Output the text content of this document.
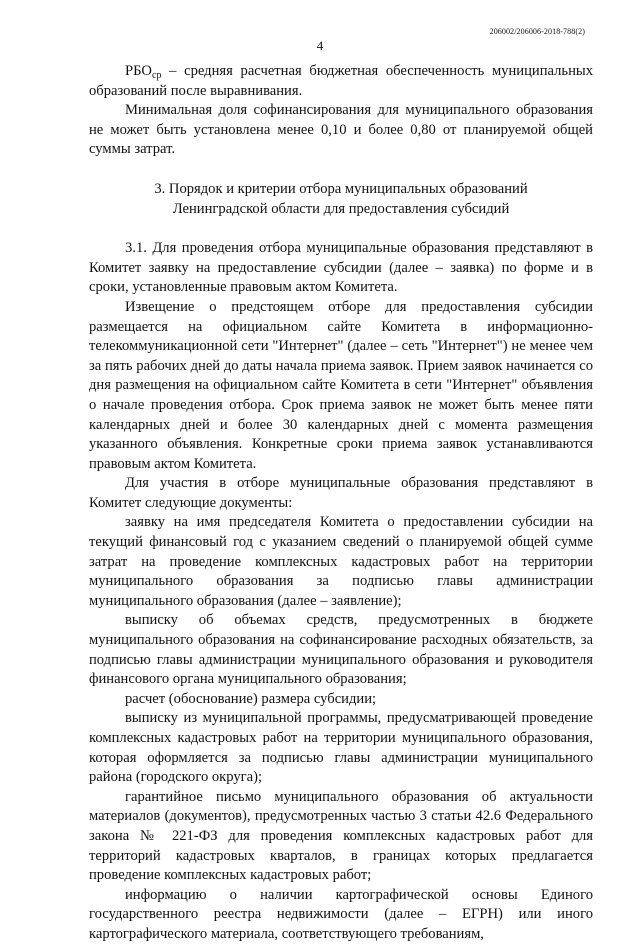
206002/206006-2018-788(2)
4

$РБО_{ср}$ – средняя расчетная бюджетная обеспеченность муниципальных образований после выравнивания.

Минимальная доля софинансирования для муниципального образования не может быть установлена менее 0,10 и более 0,80 от планируемой общей суммы затрат.

3. Порядок и критерии отбора муниципальных образований
Ленинградской области для предоставления субсидий

3.1. Для проведения отбора муниципальные образования представляют в Комитет заявку на предоставление субсидии (далее – заявка) по форме и в сроки, установленные правовым актом Комитета.

Извещение о предстоящем отборе для предоставления субсидии размещается на официальном сайте Комитета в информационно-телекоммуникационной сети "Интернет" (далее – сеть "Интернет") не менее чем за пять рабочих дней до даты начала приема заявок. Прием заявок начинается со дня размещения на официальном сайте Комитета в сети "Интернет" объявления о начале проведения отбора. Срок приема заявок не может быть менее пяти календарных дней и более 30 календарных дней с момента размещения указанного объявления. Конкретные сроки приема заявок устанавливаются правовым актом Комитета.

Для участия в отборе муниципальные образования представляют в Комитет следующие документы:

заявку на имя председателя Комитета о предоставлении субсидии на текущий финансовый год с указанием сведений о планируемой общей сумме затрат на проведение комплексных кадастровых работ на территории муниципального образования за подписью главы администрации муниципального образования (далее – заявление);

выписку об объемах средств, предусмотренных в бюджете муниципального образования на софинансирование расходных обязательств, за подписью главы администрации муниципального образования и руководителя финансового органа муниципального образования;

расчет (обоснование) размера субсидии;

выписку из муниципальной программы, предусматривающей проведение комплексных кадастровых работ на территории муниципального образования, которая оформляется за подписью главы администрации муниципального района (городского округа);

гарантийное письмо муниципального образования об актуальности материалов (документов), предусмотренных частью 3 статьи 42.6 Федерального закона № 221-ФЗ для проведения комплексных кадастровых работ для территорий кадастровых кварталов, в границах которых предлагается проведение комплексных кадастровых работ;

информацию о наличии картографической основы Единого государственного реестра недвижимости (далее – ЕГРН) или иного картографического материала, соответствующего требованиям,
